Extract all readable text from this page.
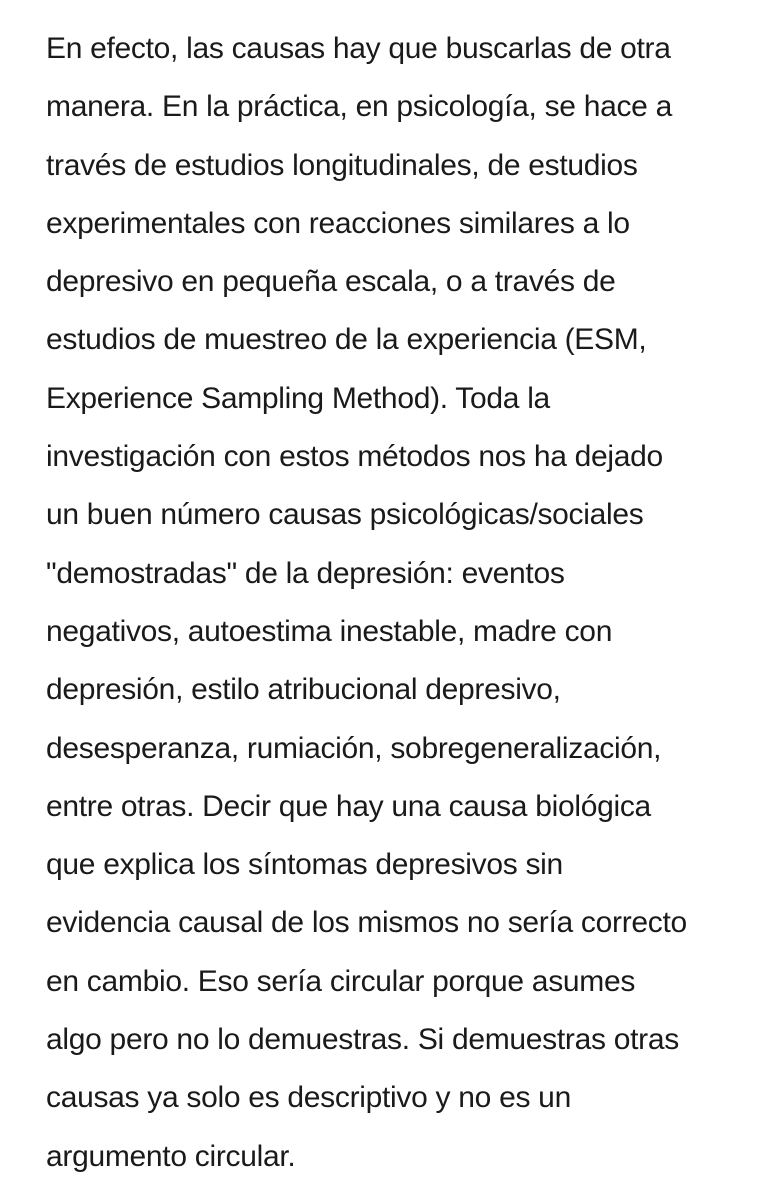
En efecto, las causas hay que buscarlas de otra
manera. En la práctica, en psicología, se hace a
través de estudios longitudinales, de estudios
experimentales con reacciones similares a lo
depresivo en pequeña escala, o a través de
estudios de muestreo de la experiencia (ESM,
Experience Sampling Method). Toda la
investigación con estos métodos nos ha dejado
un buen número causas psicológicas/sociales
"demostradas" de la depresión: eventos
negativos, autoestima inestable, madre con
depresión, estilo atribucional depresivo,
desesperanza, rumiación, sobregeneralización,
entre otras. Decir que hay una causa biológica
que explica los síntomas depresivos sin
evidencia causal de los mismos no sería correcto
en cambio. Eso sería circular porque asumes
algo pero no lo demuestras. Si demuestras otras
causas ya solo es descriptivo y no es un
argumento circular.
